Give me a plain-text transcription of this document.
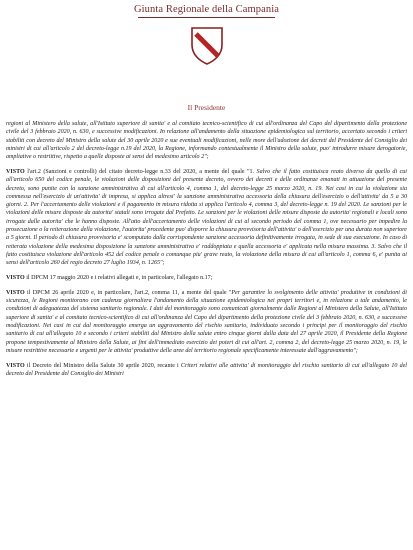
Giunta Regionale della Campania
Il Presidente

regioni al Ministero della salute, all'Istituto superiore di sanita' e al comitato tecnico-scientifico di cui all'ordinanza del Capo del dipartimento della protezione civile del 3 febbraio 2020, n. 630, e successive modificazioni. In relazione all'andamento della situazione epidemiologica sul territorio, accertato secondo i criteri stabiliti con decreto del Ministro della salute del 30 aprile 2020 e sue eventuali modificazioni, nelle more dell'adozione dei decreti del Presidente del Consiglio dei ministri di cui all'articolo 2 del decreto-legge n.19 del 2020, la Regione, informando contestualmente il Ministro della salute, puo' introdurre misure derogatorie, ampliative o restrittive, rispetto a quelle disposte ai sensi del medesimo articolo 2";

VISTO l'art.2 (Sanzioni e controlli) del citato decreto-legge n.33 del 2020, a mente del quale "1. Salvo che il fatto costituisca reato diverso da quello di cui all'articolo 650 del codice penale, le violazioni delle disposizioni del presente decreto, ovvero dei decreti e delle ordinanze emanati in attuazione del presente decreto, sono punite con la sanzione amministrativa di cui all'articolo 4, comma 1, del decreto-legge 25 marzo 2020, n. 19. Nei casi in cui la violazione sia commessa nell'esercizio di un'attivita' di impresa, si applica altresi' la sanzione amministrativa accessoria della chiusura dell'esercizio o dell'attivita' da 5 a 30 giorni. 2. Per l'accertamento delle violazioni e il pagamento in misura ridotta si applica l'articolo 4, comma 3, del decreto-legge n. 19 del 2020. Le sanzioni per le violazioni delle misure disposte da autorita' statali sono irrogate dal Prefetto. Le sanzioni per le violazioni delle misure disposte da autorita' regionali e locali sono irrogate dalle autorita' che le hanno disposte. All'atto dell'accertamento delle violazioni di cui al secondo periodo del comma 1, ove necessario per impedire la prosecuzione o la reiterazione della violazione, l'autorita' procedente puo' disporre la chiusura provvisoria dell'attivita' o dell'esercizio per una durata non superiore a 5 giorni. Il periodo di chiusura provvisoria e' scomputato dalla corrispondente sanzione accessoria definitivamente irrogata, in sede di sua esecuzione. In caso di reiterata violazione della medesima disposizione la sanzione amministrativa e' raddoppiata e quella accessoria e' applicata nella misura massima. 3. Salvo che il fatto costituisca violazione dell'articolo 452 del codice penale o comunque piu' grave reato, la violazione della misura di cui all'articolo 1, comma 6, e' punita ai sensi dell'articolo 260 del regio decreto 27 luglio 1934, n. 1265";

VISTO il DPCM 17 maggio 2020 e i relativi allegati e, in particolare, l'allegato n.17;

VISTO il DPCM 26 aprile 2020 e, in particolare, l'art.2, comma 11, a mente del quale "Per garantire lo svolgimento delle attivita' produttive in condizioni di sicurezza, le Regioni monitorano con cadenza giornaliera l'andamento della situazione epidemiologica nei propri territori e, in relazione a tale andamento, le condizioni di adeguatezza del sistema sanitario regionale. I dati del monitoraggio sono comunicati giornalmente dalle Regioni al Ministero della Salute, all'Istituto superiore di sanita' e al comitato tecnico-scientifico di cui all'ordinanza del Capo del dipartimento della protezione civile del 3 febbraio 2020, n. 630, e successive modificazioni. Nei casi in cui dal monitoraggio emerga un aggravamento del rischio sanitario, individuato secondo i principi per il monitoraggio del rischio sanitario di cui all'allegato 10 e secondo i criteri stabiliti dal Ministro della salute entro cinque giorni dalla data del 27 aprile 2020, il Presidente della Regione propone tempestivamente al Ministro della Salute, ai fini dell'immediato esercizio dei poteri di cui all'art. 2, comma 2, del decreto-legge 25 marzo 2020, n. 19, le misure restrittive necessarie e urgenti per le attivita' produttive delle aree del territorio regionale specificamente interessate dall'aggravamento";

VISTO il Decreto del Ministro della Salute 30 aprile 2020, recante i Criteri relativi alle attivita' di monitoraggio del rischio sanitario di cui all'allegato 10 del decreto del Presidente del Consiglio dei Ministri
